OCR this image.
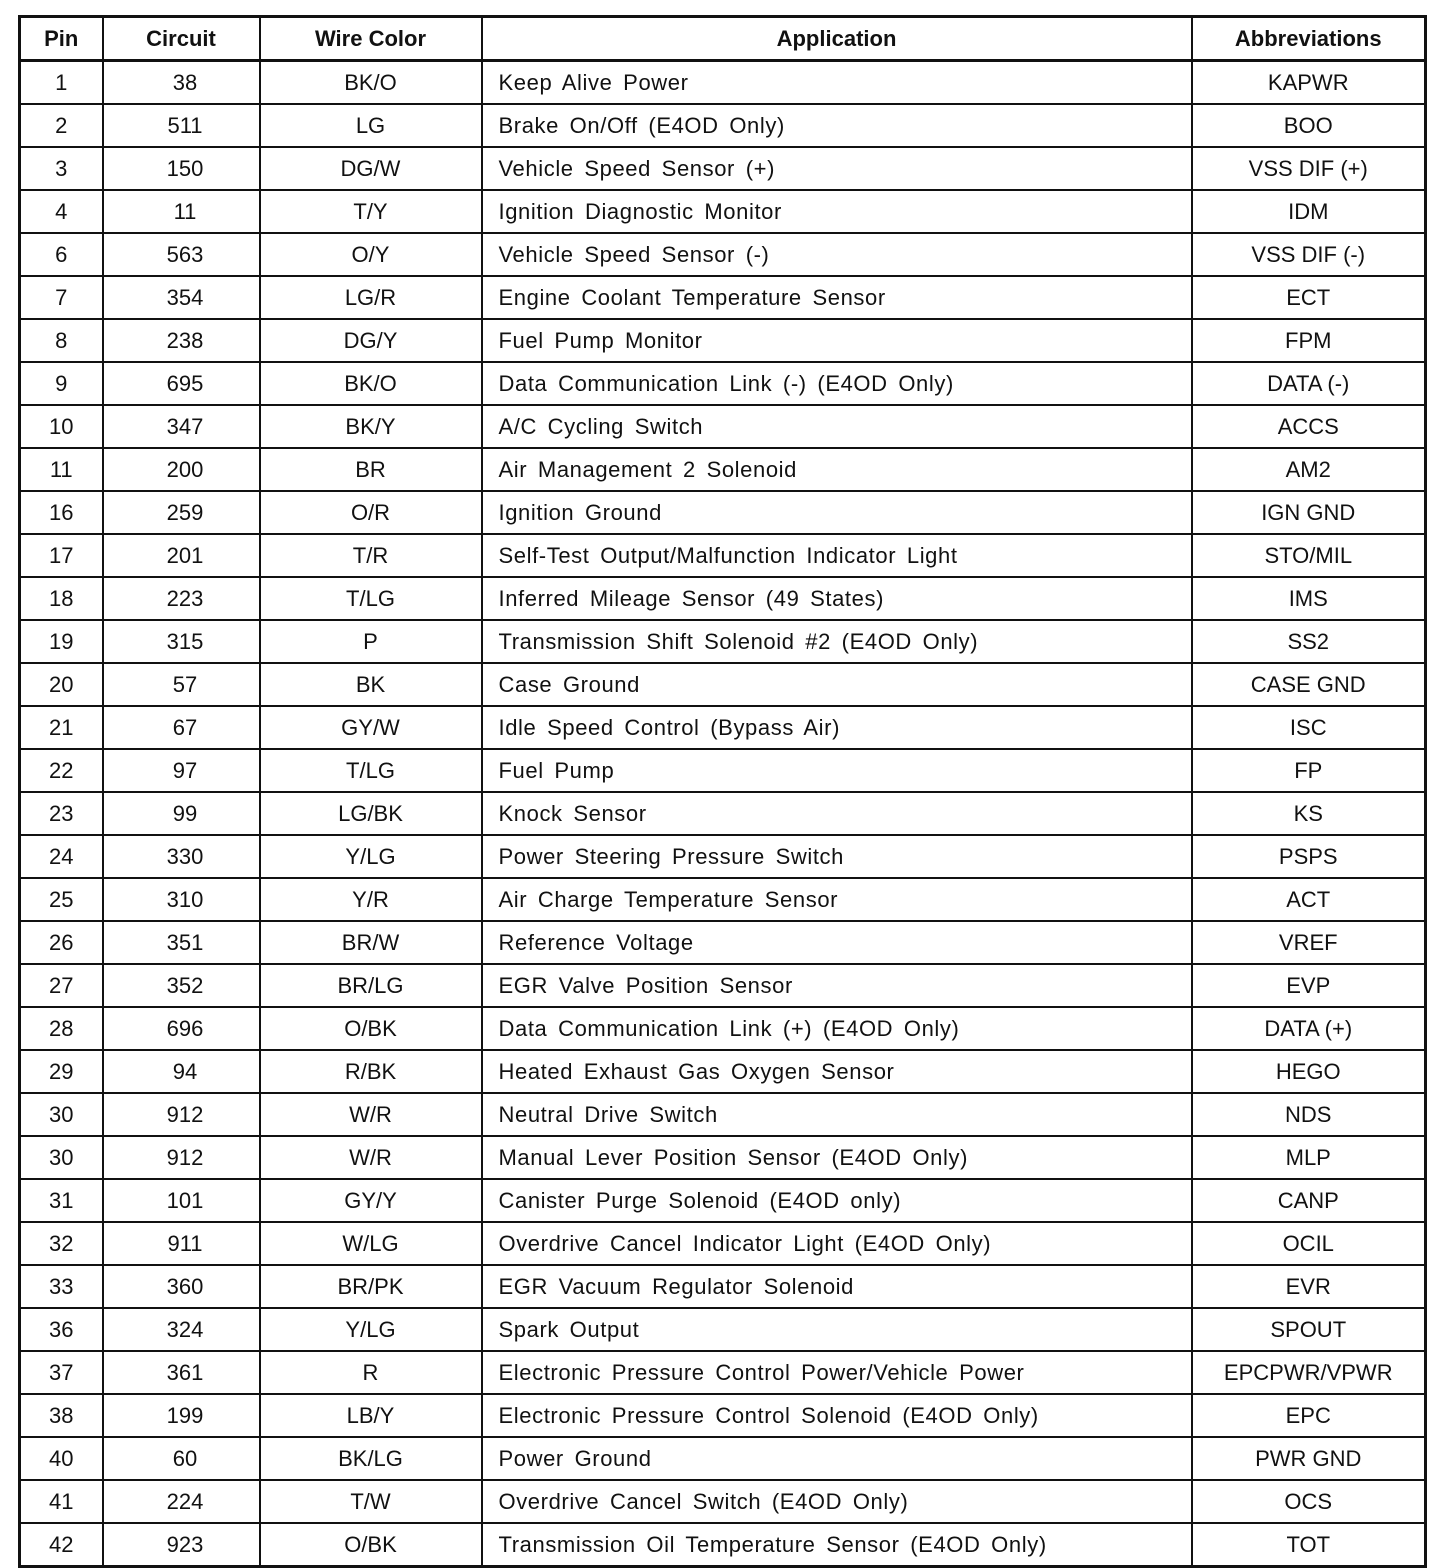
Pin	Circuit	Wire Color	Application	Abbreviations
1	38	BK/O	Keep Alive Power	KAPWR
2	511	LG	Brake On/Off (E4OD Only)	BOO
3	150	DG/W	Vehicle Speed Sensor (+)	VSS DIF (+)
4	11	T/Y	Ignition Diagnostic Monitor	IDM
6	563	O/Y	Vehicle Speed Sensor (-)	VSS DIF (-)
7	354	LG/R	Engine Coolant Temperature Sensor	ECT
8	238	DG/Y	Fuel Pump Monitor	FPM
9	695	BK/O	Data Communication Link (-) (E4OD Only)	DATA (-)
10	347	BK/Y	A/C Cycling Switch	ACCS
11	200	BR	Air Management 2 Solenoid	AM2
16	259	O/R	Ignition Ground	IGN GND
17	201	T/R	Self-Test Output/Malfunction Indicator Light	STO/MIL
18	223	T/LG	Inferred Mileage Sensor (49 States)	IMS
19	315	P	Transmission Shift Solenoid #2 (E4OD Only)	SS2
20	57	BK	Case Ground	CASE GND
21	67	GY/W	Idle Speed Control (Bypass Air)	ISC
22	97	T/LG	Fuel Pump	FP
23	99	LG/BK	Knock Sensor	KS
24	330	Y/LG	Power Steering Pressure Switch	PSPS
25	310	Y/R	Air Charge Temperature Sensor	ACT
26	351	BR/W	Reference Voltage	VREF
27	352	BR/LG	EGR Valve Position Sensor	EVP
28	696	O/BK	Data Communication Link (+) (E4OD Only)	DATA (+)
29	94	R/BK	Heated Exhaust Gas Oxygen Sensor	HEGO
30	912	W/R	Neutral Drive Switch	NDS
30	912	W/R	Manual Lever Position Sensor (E4OD Only)	MLP
31	101	GY/Y	Canister Purge Solenoid (E4OD only)	CANP
32	911	W/LG	Overdrive Cancel Indicator Light (E4OD Only)	OCIL
33	360	BR/PK	EGR Vacuum Regulator Solenoid	EVR
36	324	Y/LG	Spark Output	SPOUT
37	361	R	Electronic Pressure Control Power/Vehicle Power	EPCPWR/VPWR
38	199	LB/Y	Electronic Pressure Control Solenoid (E4OD Only)	EPC
40	60	BK/LG	Power Ground	PWR GND
41	224	T/W	Overdrive Cancel Switch (E4OD Only)	OCS
42	923	O/BK	Transmission Oil Temperature Sensor (E4OD Only)	TOT
